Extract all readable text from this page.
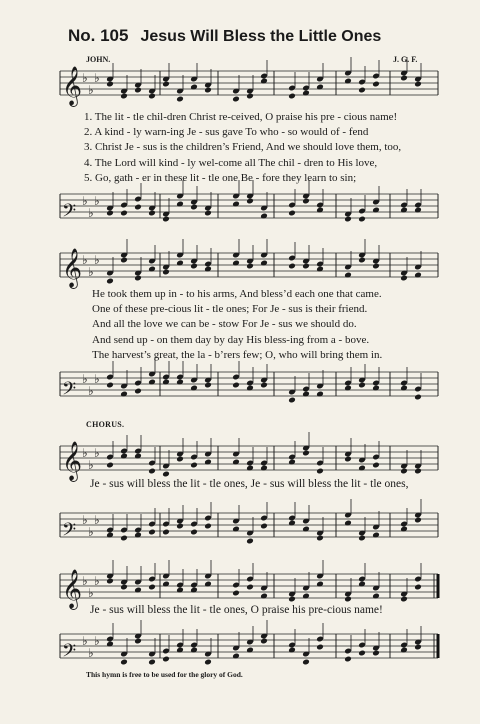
No. 105 Jesus Will Bless the Little Ones
JOHN.	J. G. F.
𝄞 ♭
♭
♭
𝄢 ♭
♭
♭
1. The lit - tle chil-dren Christ re-ceived, O praise his pre - cious name!
2. A kind - ly warn-ing Je - sus gave To who - so would of - fend
3. Christ Je - sus is the children’s Friend, And we should love them, too,
4. The Lord will kind - ly wel-come all The chil - dren to His love,
5. Go, gath - er in these lit - tle one Be - fore they learn to sin;
𝄞 ♭
♭
♭
𝄢 ♭
♭
♭
He took them up in - to his arms, And bless’d each one that came.
One of these pre-cious lit - tle ones; For Je - sus is their friend.
And all the love we can be - stow For Je - sus we should do.
And send up - on them day by day His bless-ing from a - bove.
The harvest’s great, the la - b’rers few; O, who will bring them in.
CHORUS.
𝄞 ♭
♭
♭
Je - sus will bless the lit - tle ones, Je - sus will bless the lit - tle ones,
𝄢 ♭
♭
♭
𝄞 ♭
♭
♭
Je - sus will bless the lit - tle ones, O praise his pre-cious name!
𝄢 ♭
♭
♭
This hymn is free to be used for the glory of God.
